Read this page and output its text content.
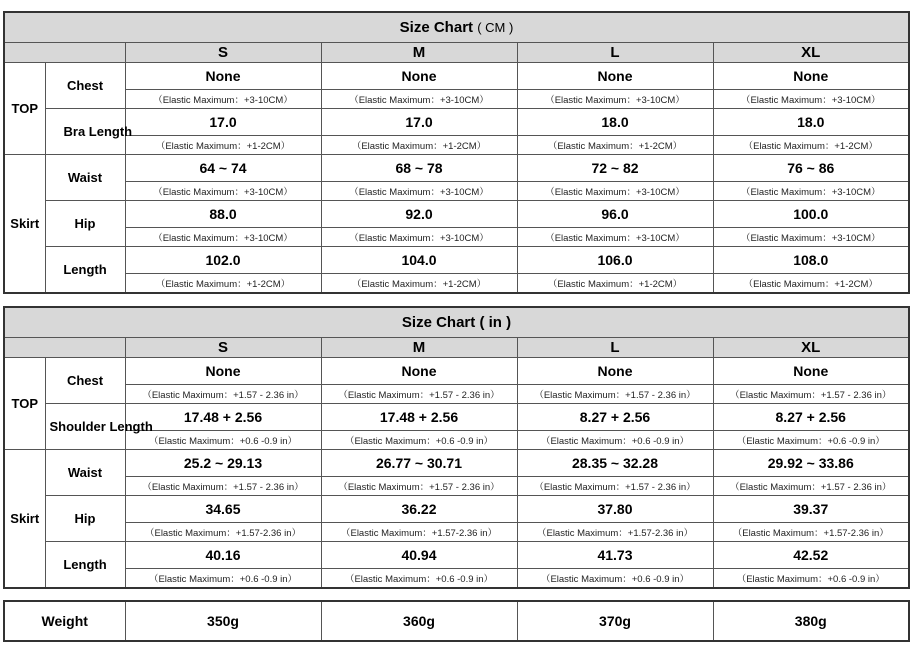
Size Chart ( CM )					
		S	M	L	XL
TOP	Chest	None	None	None	None
		（Elastic Maximum：+3-10CM）	（Elastic Maximum：+3-10CM）	（Elastic Maximum：+3-10CM）	（Elastic Maximum：+3-10CM）
	Bra Length	17.0	17.0	18.0	18.0
		（Elastic Maximum：+1-2CM）	（Elastic Maximum：+1-2CM）	（Elastic Maximum：+1-2CM）	（Elastic Maximum：+1-2CM）
Skirt	Waist	64 ~ 74	68 ~ 78	72 ~ 82	76 ~ 86
		（Elastic Maximum：+3-10CM）	（Elastic Maximum：+3-10CM）	（Elastic Maximum：+3-10CM）	（Elastic Maximum：+3-10CM）
	Hip	88.0	92.0	96.0	100.0
		（Elastic Maximum：+3-10CM）	（Elastic Maximum：+3-10CM）	（Elastic Maximum：+3-10CM）	（Elastic Maximum：+3-10CM）
	Length	102.0	104.0	106.0	108.0
		（Elastic Maximum：+1-2CM）	（Elastic Maximum：+1-2CM）	（Elastic Maximum：+1-2CM）	（Elastic Maximum：+1-2CM）
Size Chart ( in )					
		S	M	L	XL
TOP	Chest	None	None	None	None
		（Elastic Maximum：+1.57 - 2.36 in）	（Elastic Maximum：+1.57 - 2.36 in）	（Elastic Maximum：+1.57 - 2.36 in）	（Elastic Maximum：+1.57 - 2.36 in）
	Shoulder Length	17.48 + 2.56	17.48 + 2.56	8.27 + 2.56	8.27 + 2.56
		（Elastic Maximum：+0.6 -0.9 in）	（Elastic Maximum：+0.6 -0.9 in）	（Elastic Maximum：+0.6 -0.9 in）	（Elastic Maximum：+0.6 -0.9 in）
Skirt	Waist	25.2 ~ 29.13	26.77 ~ 30.71	28.35 ~ 32.28	29.92 ~ 33.86
		（Elastic Maximum：+1.57 - 2.36 in）	（Elastic Maximum：+1.57 - 2.36 in）	（Elastic Maximum：+1.57 - 2.36 in）	（Elastic Maximum：+1.57 - 2.36 in）
	Hip	34.65	36.22	37.80	39.37
		（Elastic Maximum：+1.57-2.36 in）	（Elastic Maximum：+1.57-2.36 in）	（Elastic Maximum：+1.57-2.36 in）	（Elastic Maximum：+1.57-2.36 in）
	Length	40.16	40.94	41.73	42.52
		（Elastic Maximum：+0.6 -0.9 in）	（Elastic Maximum：+0.6 -0.9 in）	（Elastic Maximum：+0.6 -0.9 in）	（Elastic Maximum：+0.6 -0.9 in）
Weight	350g	360g	370g	380g
